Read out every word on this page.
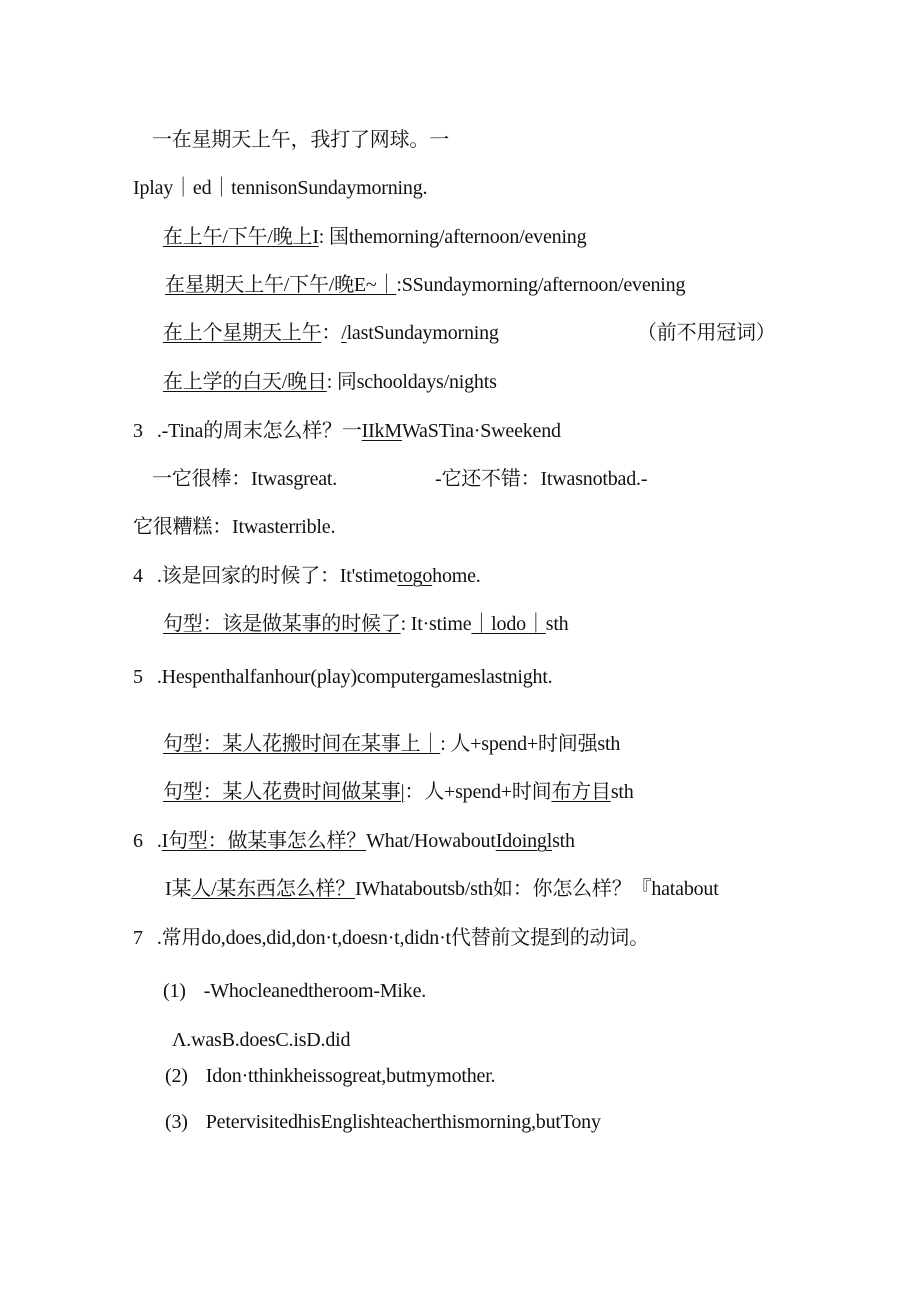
一在星期天上午，我打了网球。一
Iplay｜ed｜tennisonSundaymorning.
在上午/下午/晚上I: 国themorning/afternoon/evening
在星期天上午/下午/晚E~｜:SSundaymorning/afternoon/evening
在上个星期天上午：/lastSundaymorning	（前不用冠词）
在上学的白天/晚日: 同schooldays/nights
3 .-Tina的周末怎么样？一IIkMWaSTina·Sweekend
一它很棒：Itwasgreat.	-它还不错：Itwasnotbad.-
它很糟糕：Itwasterrible.
4 .该是回家的时候了：It'stimetogohome.
句型：该是做某事的时候了: It·stime｜lodo｜sth
5 .Hespenthalfanhour(play)computergameslastnight.
句型：某人花搬时间在某事上｜: 人+spend+时间强sth
句型：某人花费时间做某事|：人+spend+时间布方目sth
6 .I句型：做某事怎么样？What/HowaboutIdoinglsth
I某人/某东西怎么样？IWhataboutsb/sth如：你怎么样？『hatabout
7 .常用do,does,did,don·t,doesn·t,didn·t代替前文提到的动词。
(1) -Whocleanedtheroom-Mike.
Λ.wasB.doesC.isD.did
(2) Idon·tthinkheissogreat,butmymother.
(3) PetervisitedhisEnglishteacherthismorning,butTony
